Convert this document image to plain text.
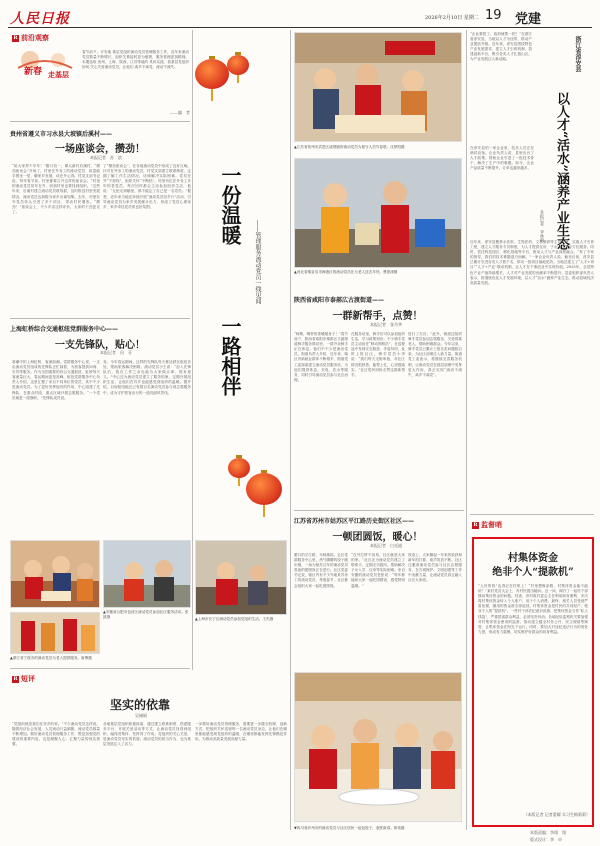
人民日报	2026年2月10日 星期二 19 党建
R 前沿观察
新春 走基层
春节前夕，平安地 基层党组织流动党员管理服务工作，近年来流动党员数量不断增长，组织关系接转更为便捷，服务管理更加精细。本期选取 贵州、上海、陕西、江苏等地的 具体实践，看基层党组织如何 关心关爱流动党员，让他们 离乡不离党、流动不流失。
——编　者
贵州省遵义市习水县大坡镇后溪村——
一场座谈会，攒劲！
本报记者　苏　滨
“给大家拜个早年！”腊月初一，谭大新村后溪村，“攒劲座谈会”开场了，村里在外务工的流动党员、致富能手围坐一堂，聊家乡发展，谈在外心得。村党支部书记说，每年春节前，村里都要召开这样的座谈会。“村里的流动党员常年在外，回到村里也要找到组织。”这些年来，后溪村建立流动党员联络群，及时推送村里发展情况，流动党员也积极为家乡出谋划策。去年，村里在外党员牵头引进了多个项目，带动村民增收。“攒劲！”座谈会上，不少乡亲这样评价，大家的干劲更足了。
了“攒劲座谈会”，在各地流动党员中形成了良好反响。针对在外务工的流动党员，村党支部建立联系制度，定期了解工作生活情况，协调解决实际困难。党员在外“不掉线”，组织关怀“不断档”。村里有位在外务工多年的老党员，每次回村都会主动参加组织生活，他说：“无论走到哪里，都不能忘了自己是一名党员。”据悉，近年来当地还持续开展“流动党员回乡行”活动，引导流动党员为家乡发展献计出力，形成了党员心系家乡、家乡牵挂党员的良好氛围。
上海虹桥综合交通枢纽党群服务中心——
一支先锋队，贴心！
本报记者　田　芬
寒潮中的上海虹桥，客流如潮。党群服务中心里，一支由流动党员组成的先锋队正忙碌着，为旅客提供问询、引导等服务。作为全国重要的综合交通枢纽，虹桥每天客流量巨大，春运期间更是高峰。枢纽党群服务中心负责人介绍，这里汇聚了来自不同单位的党员，其中不少是流动党员。为了更好发挥他们的作用，中心组建了先锋队，在重点时段、重点区域开展志愿服务。“一个党员就是一面旗帜。”先锋队成员说。
务。今年春运期间，这样的先锋队每天都活跃在枢纽各处，帮助旅客解决困难。流动党员小王说：“加入先锋队后，我在工作之余也能为大家做点事，很有意义。”中心还为流动党员建立了服务档案，定期开展组织生活，让他们在异乡也能感受到组织的温暖。据介绍，目前枢纽地区已有数百名流动党员参与到志愿服务中，成为守护旅客出行的一道亮丽风景线。
▲安徽省合肥市包河区流动党员参加社区服务活动。张凯摄
▲浙江省宁波市的流动党员为老人提供服务。唐博摄
一份温暖
一路相伴
——管理服务流动党员一线见闻
▲上海市长宁区流动党员参加党组织生活。王杰摄
▲江苏省常州市武进区遥观镇的流动党员为留守人员写春联。沈梦阳摄
▲河北省秦皇岛市海港区的流动党员在为老人送去年货。曹建涛摄
陕西省咸阳市泰郝広古渡街道——
一群新帮手，点赞！
本报记者　张丹华
“师傅，喝杯热茶暖暖身子！”春节前夕，陕西省咸阳市秦都区古渡街道骑手服务驿站里，一群外卖骑手正在休息。他们中不少是流动党员。街道负责人介绍，近年来，辖区内新就业群体不断增多，街道党工委探索建立流动党员服务站，为他们提供休息、充电、饮水等服务，同时引导流动党员参与社区治理。
在服务站里，骑手们可以参加组织生活，学习政策知识。不少骑手党员主动担任“移动网格员”，在送餐途中发现安全隐患、矛盾纠纷，及时上报社区。骑手党员小李说：“我们每天走街串巷，对社区情况很熟悉，能帮上忙，心里很踏实。”社区居民纷纷点赞这群新帮手。
进行了走访。”此外，街道还组织骑手党员参加志愿服务，关爱孤寡老人，帮助困难群众。今年以来，骑手党员已累计上报各类问题数百条，为社区治理注入新力量。街道党工委表示，将继续完善服务机制，让流动党员在基层治理中发挥更大作用，真正实现“流动不流失、离乡不离党”。
江苏省苏州市姑苏区平江路历史街区社区——
一顿团圆饭，暖心！
本报记者　白光迪
腊月的平江路，年味渐浓。社区党群服务中心里，热气腾腾的饺子刚出锅，一场为留苏过年的流动党员准备的团圆饭正在进行。社区党委书记说，辖区内有不少外地来苏务工的流动党员，每逢春节，社区都会组织大家一起吃团圆饭。
“在外打拼不容易，社区就是大家的家。”社区还为流动党员建立了联系卡，定期走访慰问，帮助解决子女入学、住房等实际困难。来自安徽的流动党员老张说：“每年都能和大家一起吃团圆饭，感觉特别温暖。”
饭桌上，大家聊起一年来的收获和新年的打算，欢声笑语不断。社区还邀请流动党员参与社区志愿服务，在古城保护、文明创建等工作中贡献力量，让流动党员真正融入社区大家庭。
▼四川省泸州市的流动党员与社区居民一起包饺子，欢度新春。廖伟摄
R 短评
坚实的依靠
吴储钺
“党组织就是我们在异乡的家。”不少流动党员这样说。随着经济社会发展，人员流动日益频繁，流动党员数量不断增加。做好流动党员管理服务工作，既是加强党的建设的重要内容，也是凝聚人心、汇聚力量的现实需要。
各地基层党组织积极探索，通过建立联系制度、搭建服务平台、开展关爱活动等方式，让流动党员找得到组织、融得进集体、发挥得了作用。党组织的关心关爱，是流动党员坚实的依靠；流动党员的担当作为，也为基层发展注入了活力。
一步做好流动党员管理服务，需要进一步健全机制、创新方式，把组织关怀送到每一名流动党员身边，让他们在哪里都能感受到党组织的温暖，在哪里都能发挥先锋模范作用，为推动高质量发展贡献力量。
“企业要招工，政府就帮一把！”在浙江省淳安县，当地以人才为纽带，推动产业提质升级。近年来，淳安县围绕特色产业发展需求，建立人才引育机制，搭建创新平台，吸引各类人才扎根山区，为产业发展注入新动能。	浙江省淳安县
以人才“活水”涵养产业生态
本报记者　李林蔚
在淳安县的一家企业里，技术人员正在调试设备。企业负责人说，县里出台了人才政策，帮助企业引进了一批技术骨干，解决了生产中的难题。如今，企业产品质量不断提升，订单也越来越多。
近年来，淳安县聚焦水饮料、生物医药、文旅康养等主导产业，实施人才引育工程，建立人才服务专员制度，为人才提供住房、子女入学等全方位服务。同时，依托科技园区、孵化基地等平台，推动人才与产业深度融合。“有了专家的指导，我们的技术难题迎刃而解。”一家企业负责人说。截至目前，淳安县已累计引进各类人才数千名，带动一批项目落地见效。当地还建立了“人才+项目”“人才+产业”联动机制，让人才在干事创业中实现价值。2025年，全县特色产业产值持续增长，人才对产业发展的贡献率不断提升。县委组织部负责人表示，将继续优化人才发展环境，以人才“活水”涵养产业生态，推动县域经济高质量发展。
R 监督哨
村集体资金
绝非个人“提款机”
“人民的钱”也得记在村账上！“村里想修条路，村集体资金能不能用？”某村党员大会上，有村民提出疑问。这一问，揭开了一起村干部挪用集体资金的问题。经查，该村原村委会主任利用职务便利，多次将村集体资金转入个人账户，用于个人消费。最终，相关人员受到严肃处理，挪用的资金被全部追回。村集体资金是村民的共同财产，绝非个人的“提款机”。一些村干部法纪意识淡薄，把集体资金当作“私人钱袋”，严重损害群众利益，必须坚决纠治。各地纪检监察机关要加强对村集体资金使用的监督，推动建立健全村务公开、民主理财等制度，让集体资金在阳光下运行。同时，要加大对违纪违法行为的查处力度，形成有力震慑，切实维护好群众的切身利益。
（本版记者 记者蕾耀 实习生梅莉莉）
本版责编：李翔　翔
版式设计：李　卓
